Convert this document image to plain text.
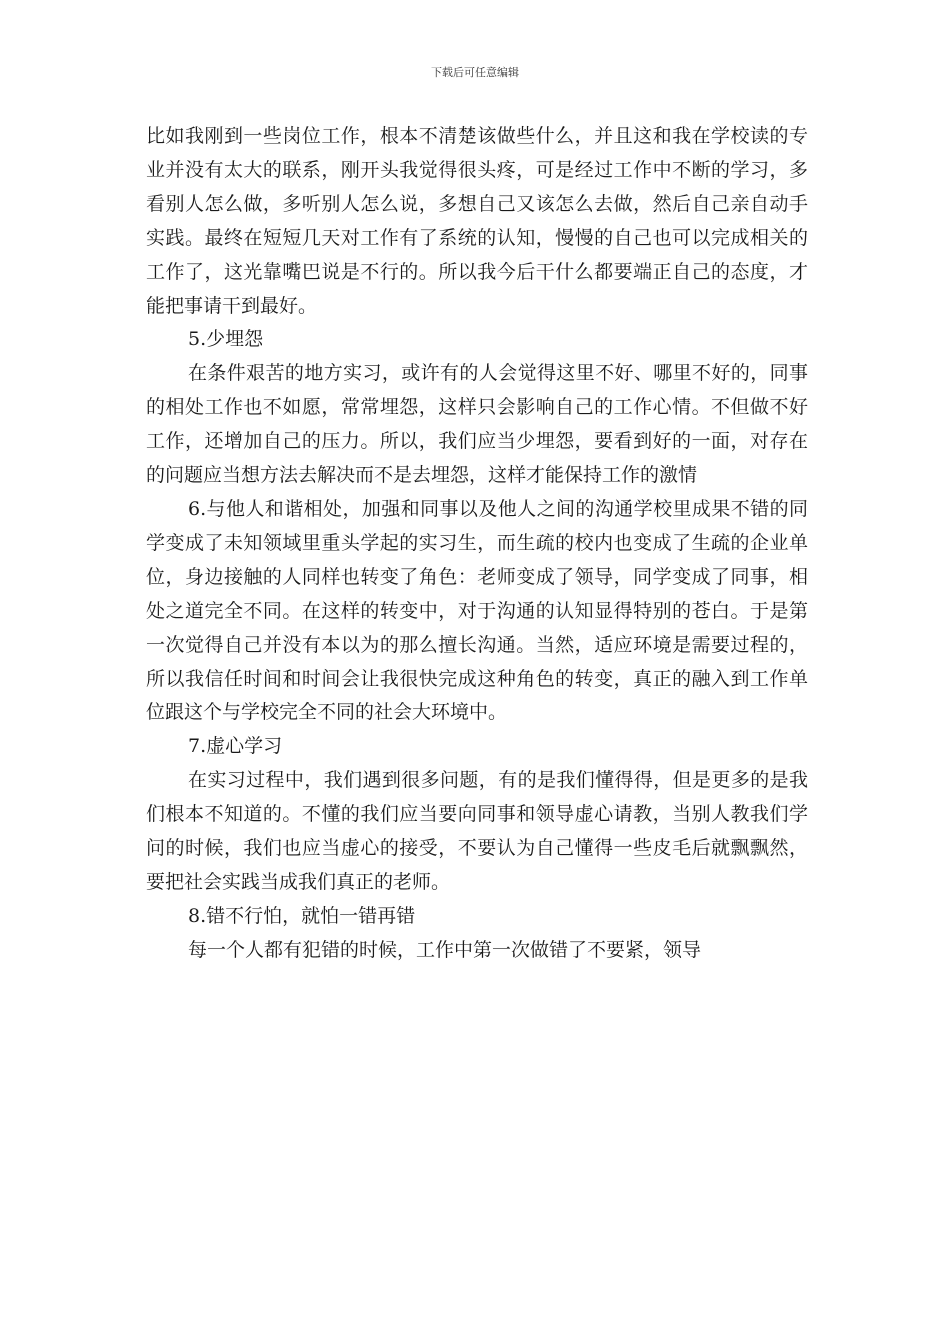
下载后可任意编辑

比如我刚到一些岗位工作，根本不清楚该做些什么，并且这和我在学校读的专业并没有太大的联系，刚开头我觉得很头疼，可是经过工作中不断的学习，多看别人怎么做，多听别人怎么说，多想自己又该怎么去做，然后自己亲自动手实践。最终在短短几天对工作有了系统的认知，慢慢的自己也可以完成相关的工作了，这光靠嘴巴说是不行的。所以我今后干什么都要端正自己的态度，才能把事请干到最好。

5.少埋怨

在条件艰苦的地方实习，或许有的人会觉得这里不好、哪里不好的，同事的相处工作也不如愿，常常埋怨，这样只会影响自己的工作心情。不但做不好工作，还增加自己的压力。所以，我们应当少埋怨，要看到好的一面，对存在的问题应当想方法去解决而不是去埋怨，这样才能保持工作的激情

6.与他人和谐相处，加强和同事以及他人之间的沟通学校里成果不错的同学变成了未知领域里重头学起的实习生，而生疏的校内也变成了生疏的企业单位，身边接触的人同样也转变了角色：老师变成了领导，同学变成了同事，相处之道完全不同。在这样的转变中，对于沟通的认知显得特别的苍白。于是第一次觉得自己并没有本以为的那么擅长沟通。当然，适应环境是需要过程的，所以我信任时间和时间会让我很快完成这种角色的转变，真正的融入到工作单位跟这个与学校完全不同的社会大环境中。

7.虚心学习

在实习过程中，我们遇到很多问题，有的是我们懂得得，但是更多的是我们根本不知道的。不懂的我们应当要向同事和领导虚心请教，当别人教我们学问的时候，我们也应当虚心的接受，不要认为自己懂得一些皮毛后就飘飘然，要把社会实践当成我们真正的老师。

8.错不行怕，就怕一错再错

每一个人都有犯错的时候，工作中第一次做错了不要紧，领导
